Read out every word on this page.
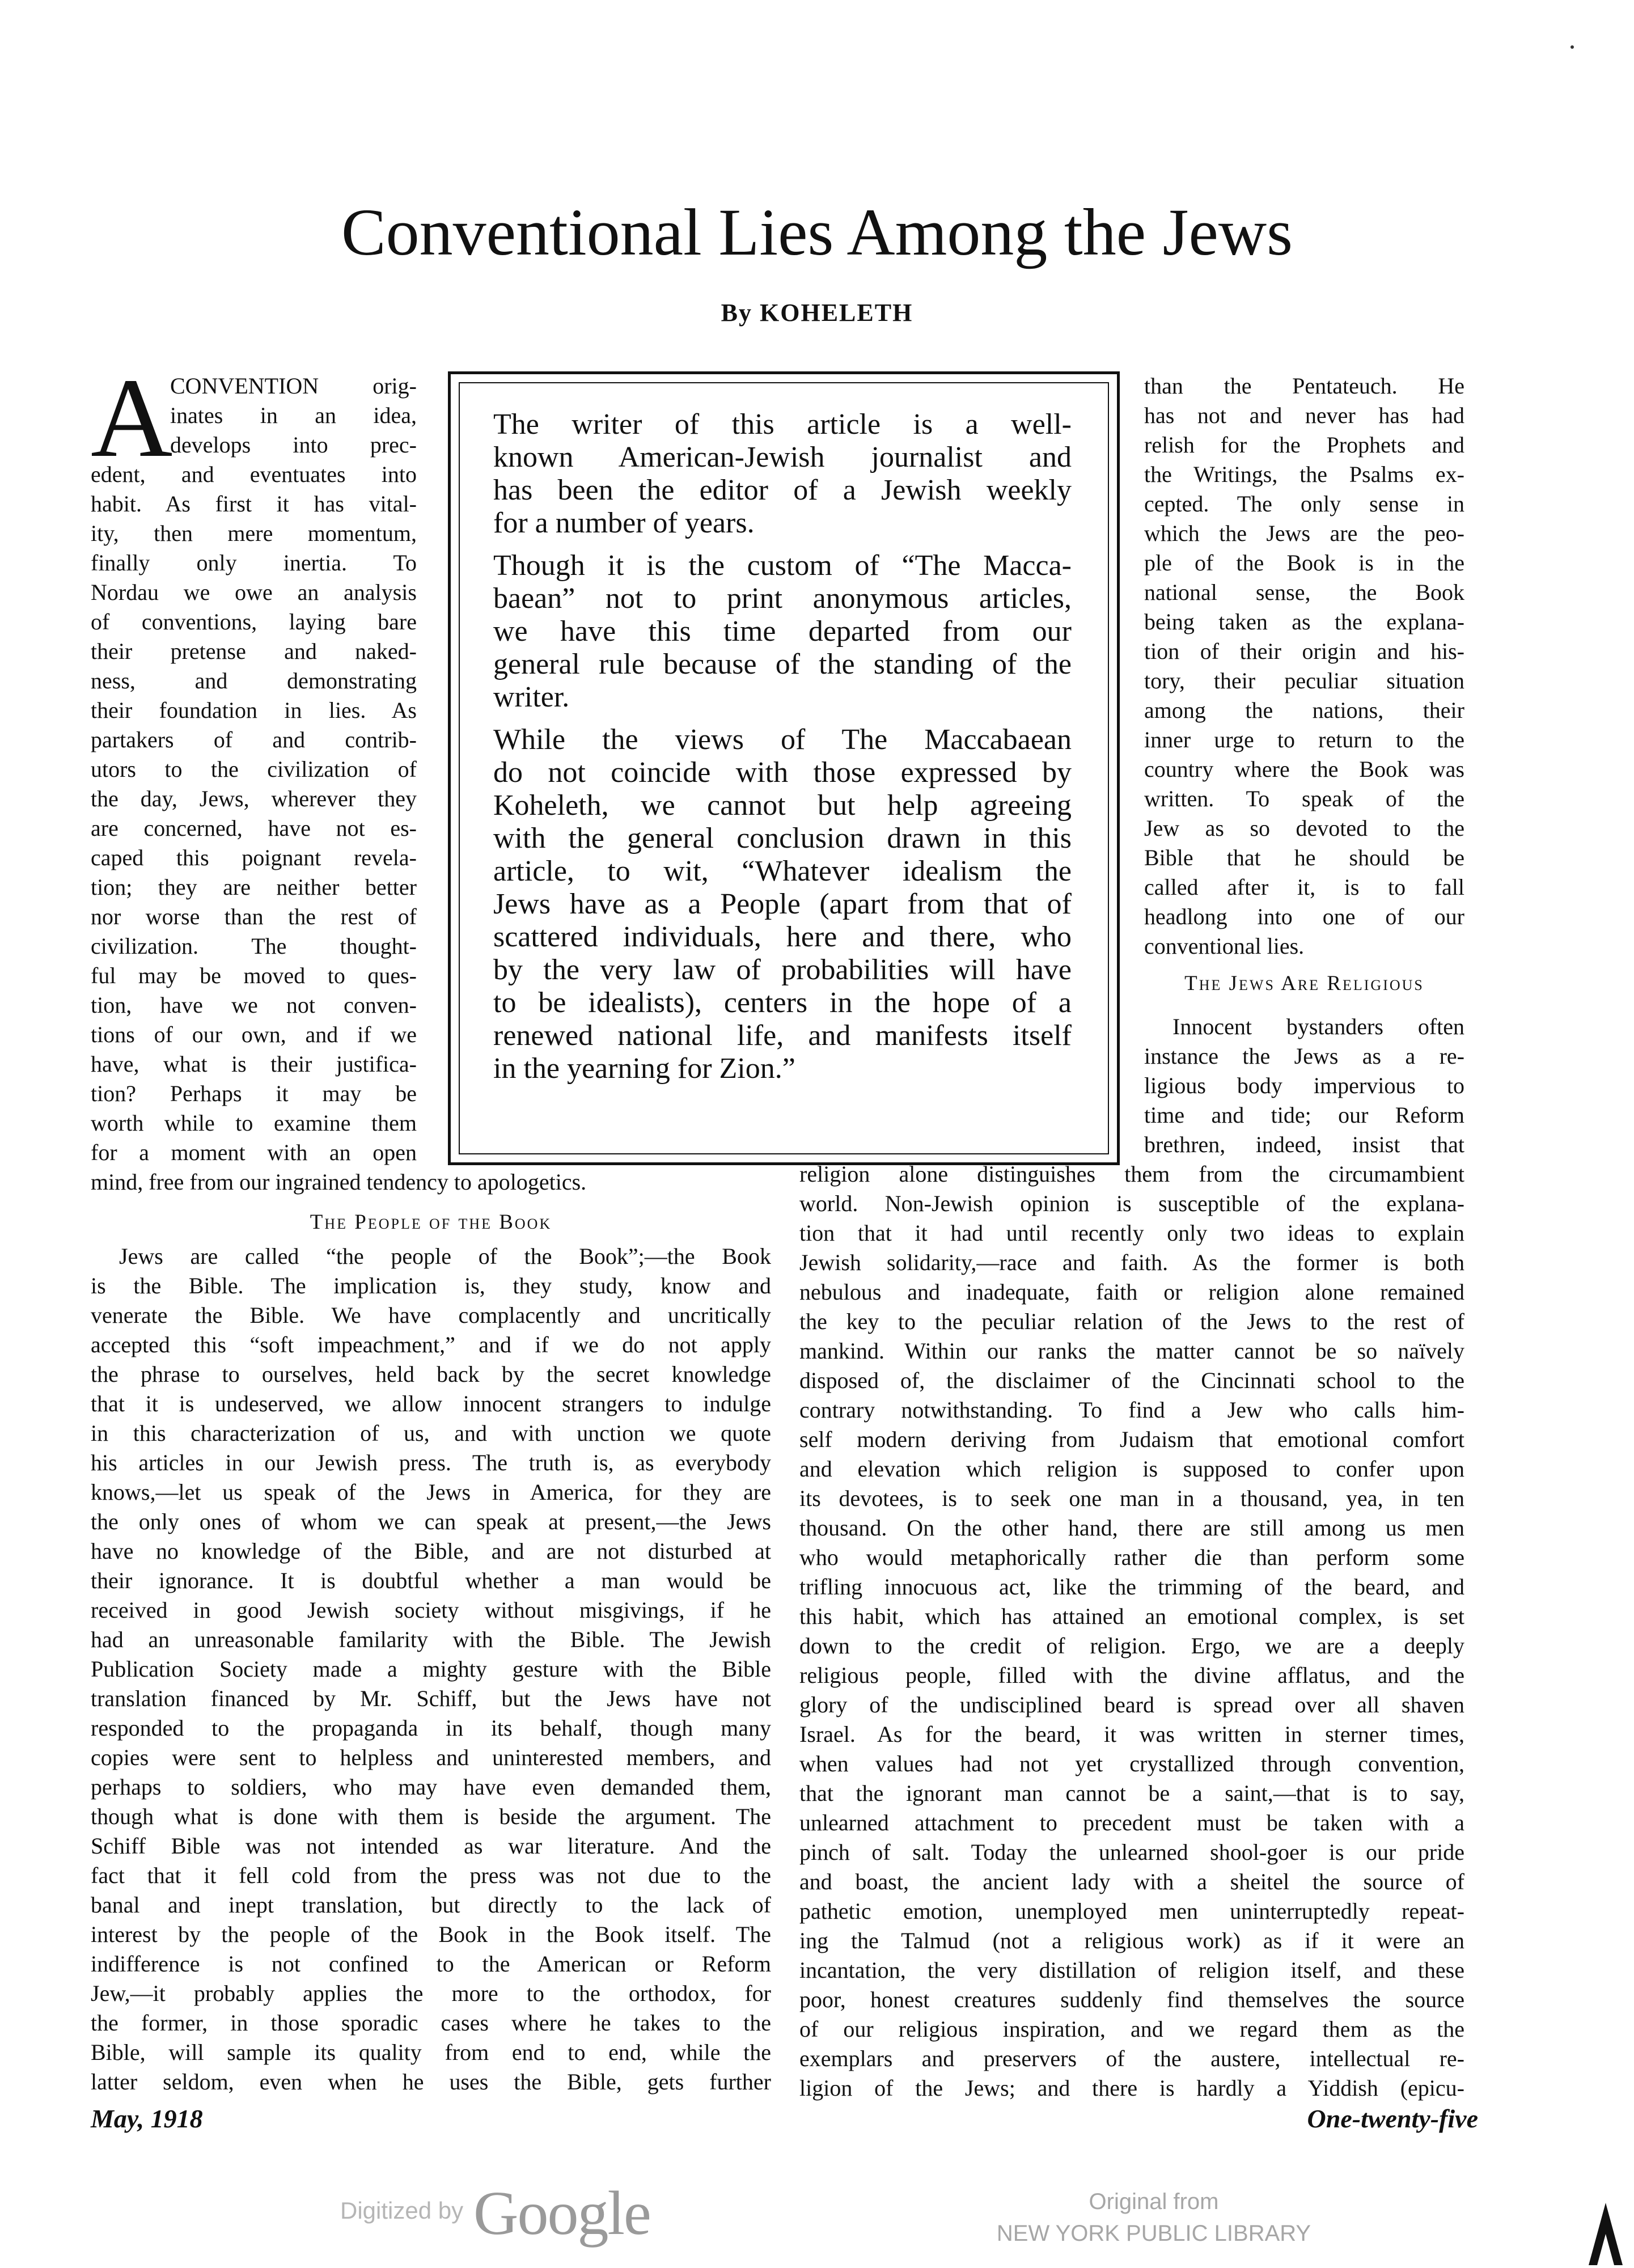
Conventional Lies Among the Jews
By KOHELETH
A
CONVENTION orig-
inates in an idea,
develops into prec-
edent, and eventuates into
habit. As first it has vital-
ity, then mere momentum,
finally only inertia. To
Nordau we owe an analysis
of conventions, laying bare
their pretense and naked-
ness, and demonstrating
their foundation in lies. As
partakers of and contrib-
utors to the civilization of
the day, Jews, wherever they
are concerned, have not es-
caped this poignant revela-
tion; they are neither better
nor worse than the rest of
civilization. The thought-
ful may be moved to ques-
tion, have we not conven-
tions of our own, and if we
have, what is their justifica-
tion? Perhaps it may be
worth while to examine them
for a moment with an open
mind, free from our ingrained tendency to apologetics.
The People of the Book
Jews are called “the people of the Book”;—the Book
is the Bible. The implication is, they study, know and
venerate the Bible. We have complacently and uncritically
accepted this “soft impeachment,” and if we do not apply
the phrase to ourselves, held back by the secret knowledge
that it is undeserved, we allow innocent strangers to indulge
in this characterization of us, and with unction we quote
his articles in our Jewish press. The truth is, as everybody
knows,—let us speak of the Jews in America, for they are
the only ones of whom we can speak at present,—the Jews
have no knowledge of the Bible, and are not disturbed at
their ignorance. It is doubtful whether a man would be
received in good Jewish society without misgivings, if he
had an unreasonable familarity with the Bible. The Jewish
Publication Society made a mighty gesture with the Bible
translation financed by Mr. Schiff, but the Jews have not
responded to the propaganda in its behalf, though many
copies were sent to helpless and uninterested members, and
perhaps to soldiers, who may have even demanded them,
though what is done with them is beside the argument. The
Schiff Bible was not intended as war literature. And the
fact that it fell cold from the press was not due to the
banal and inept translation, but directly to the lack of
interest by the people of the Book in the Book itself. The
indifference is not confined to the American or Reform
Jew,—it probably applies the more to the orthodox, for
the former, in those sporadic cases where he takes to the
Bible, will sample its quality from end to end, while the
latter seldom, even when he uses the Bible, gets further
The writer of this article is a well-
known American-Jewish journalist and
has been the editor of a Jewish weekly
for a number of years.
Though it is the custom of “The Macca-
baean” not to print anonymous articles,
we have this time departed from our
general rule because of the standing of the
writer.
While the views of The Maccabaean
do not coincide with those expressed by
Koheleth, we cannot but help agreeing
with the general conclusion drawn in this
article, to wit, “Whatever idealism the
Jews have as a People (apart from that of
scattered individuals, here and there, who
by the very law of probabilities will have
to be idealists), centers in the hope of a
renewed national life, and manifests itself
in the yearning for Zion.”
than the Pentateuch. He
has not and never has had
relish for the Prophets and
the Writings, the Psalms ex-
cepted. The only sense in
which the Jews are the peo-
ple of the Book is in the
national sense, the Book
being taken as the explana-
tion of their origin and his-
tory, their peculiar situation
among the nations, their
inner urge to return to the
country where the Book was
written. To speak of the
Jew as so devoted to the
Bible that he should be
called after it, is to fall
headlong into one of our
conventional lies.
The Jews Are Religious
Innocent bystanders often
instance the Jews as a re-
ligious body impervious to
time and tide; our Reform
brethren, indeed, insist that
religion alone distinguishes them from the circumambient
world. Non-Jewish opinion is susceptible of the explana-
tion that it had until recently only two ideas to explain
Jewish solidarity,—race and faith. As the former is both
nebulous and inadequate, faith or religion alone remained
the key to the peculiar relation of the Jews to the rest of
mankind. Within our ranks the matter cannot be so naïvely
disposed of, the disclaimer of the Cincinnati school to the
contrary notwithstanding. To find a Jew who calls him-
self modern deriving from Judaism that emotional comfort
and elevation which religion is supposed to confer upon
its devotees, is to seek one man in a thousand, yea, in ten
thousand. On the other hand, there are still among us men
who would metaphorically rather die than perform some
trifling innocuous act, like the trimming of the beard, and
this habit, which has attained an emotional complex, is set
down to the credit of religion. Ergo, we are a deeply
religious people, filled with the divine afflatus, and the
glory of the undisciplined beard is spread over all shaven
Israel. As for the beard, it was written in sterner times,
when values had not yet crystallized through convention,
that the ignorant man cannot be a saint,—that is to say,
unlearned attachment to precedent must be taken with a
pinch of salt. Today the unlearned shool-goer is our pride
and boast, the ancient lady with a sheitel the source of
pathetic emotion, unemployed men uninterruptedly repeat-
ing the Talmud (not a religious work) as if it were an
incantation, the very distillation of religion itself, and these
poor, honest creatures suddenly find themselves the source
of our religious inspiration, and we regard them as the
exemplars and preservers of the austere, intellectual re-
ligion of the Jews; and there is hardly a Yiddish (epicu-
May, 1918	One-twenty-five
Digitized by Google	Original from
NEW YORK PUBLIC LIBRARY
